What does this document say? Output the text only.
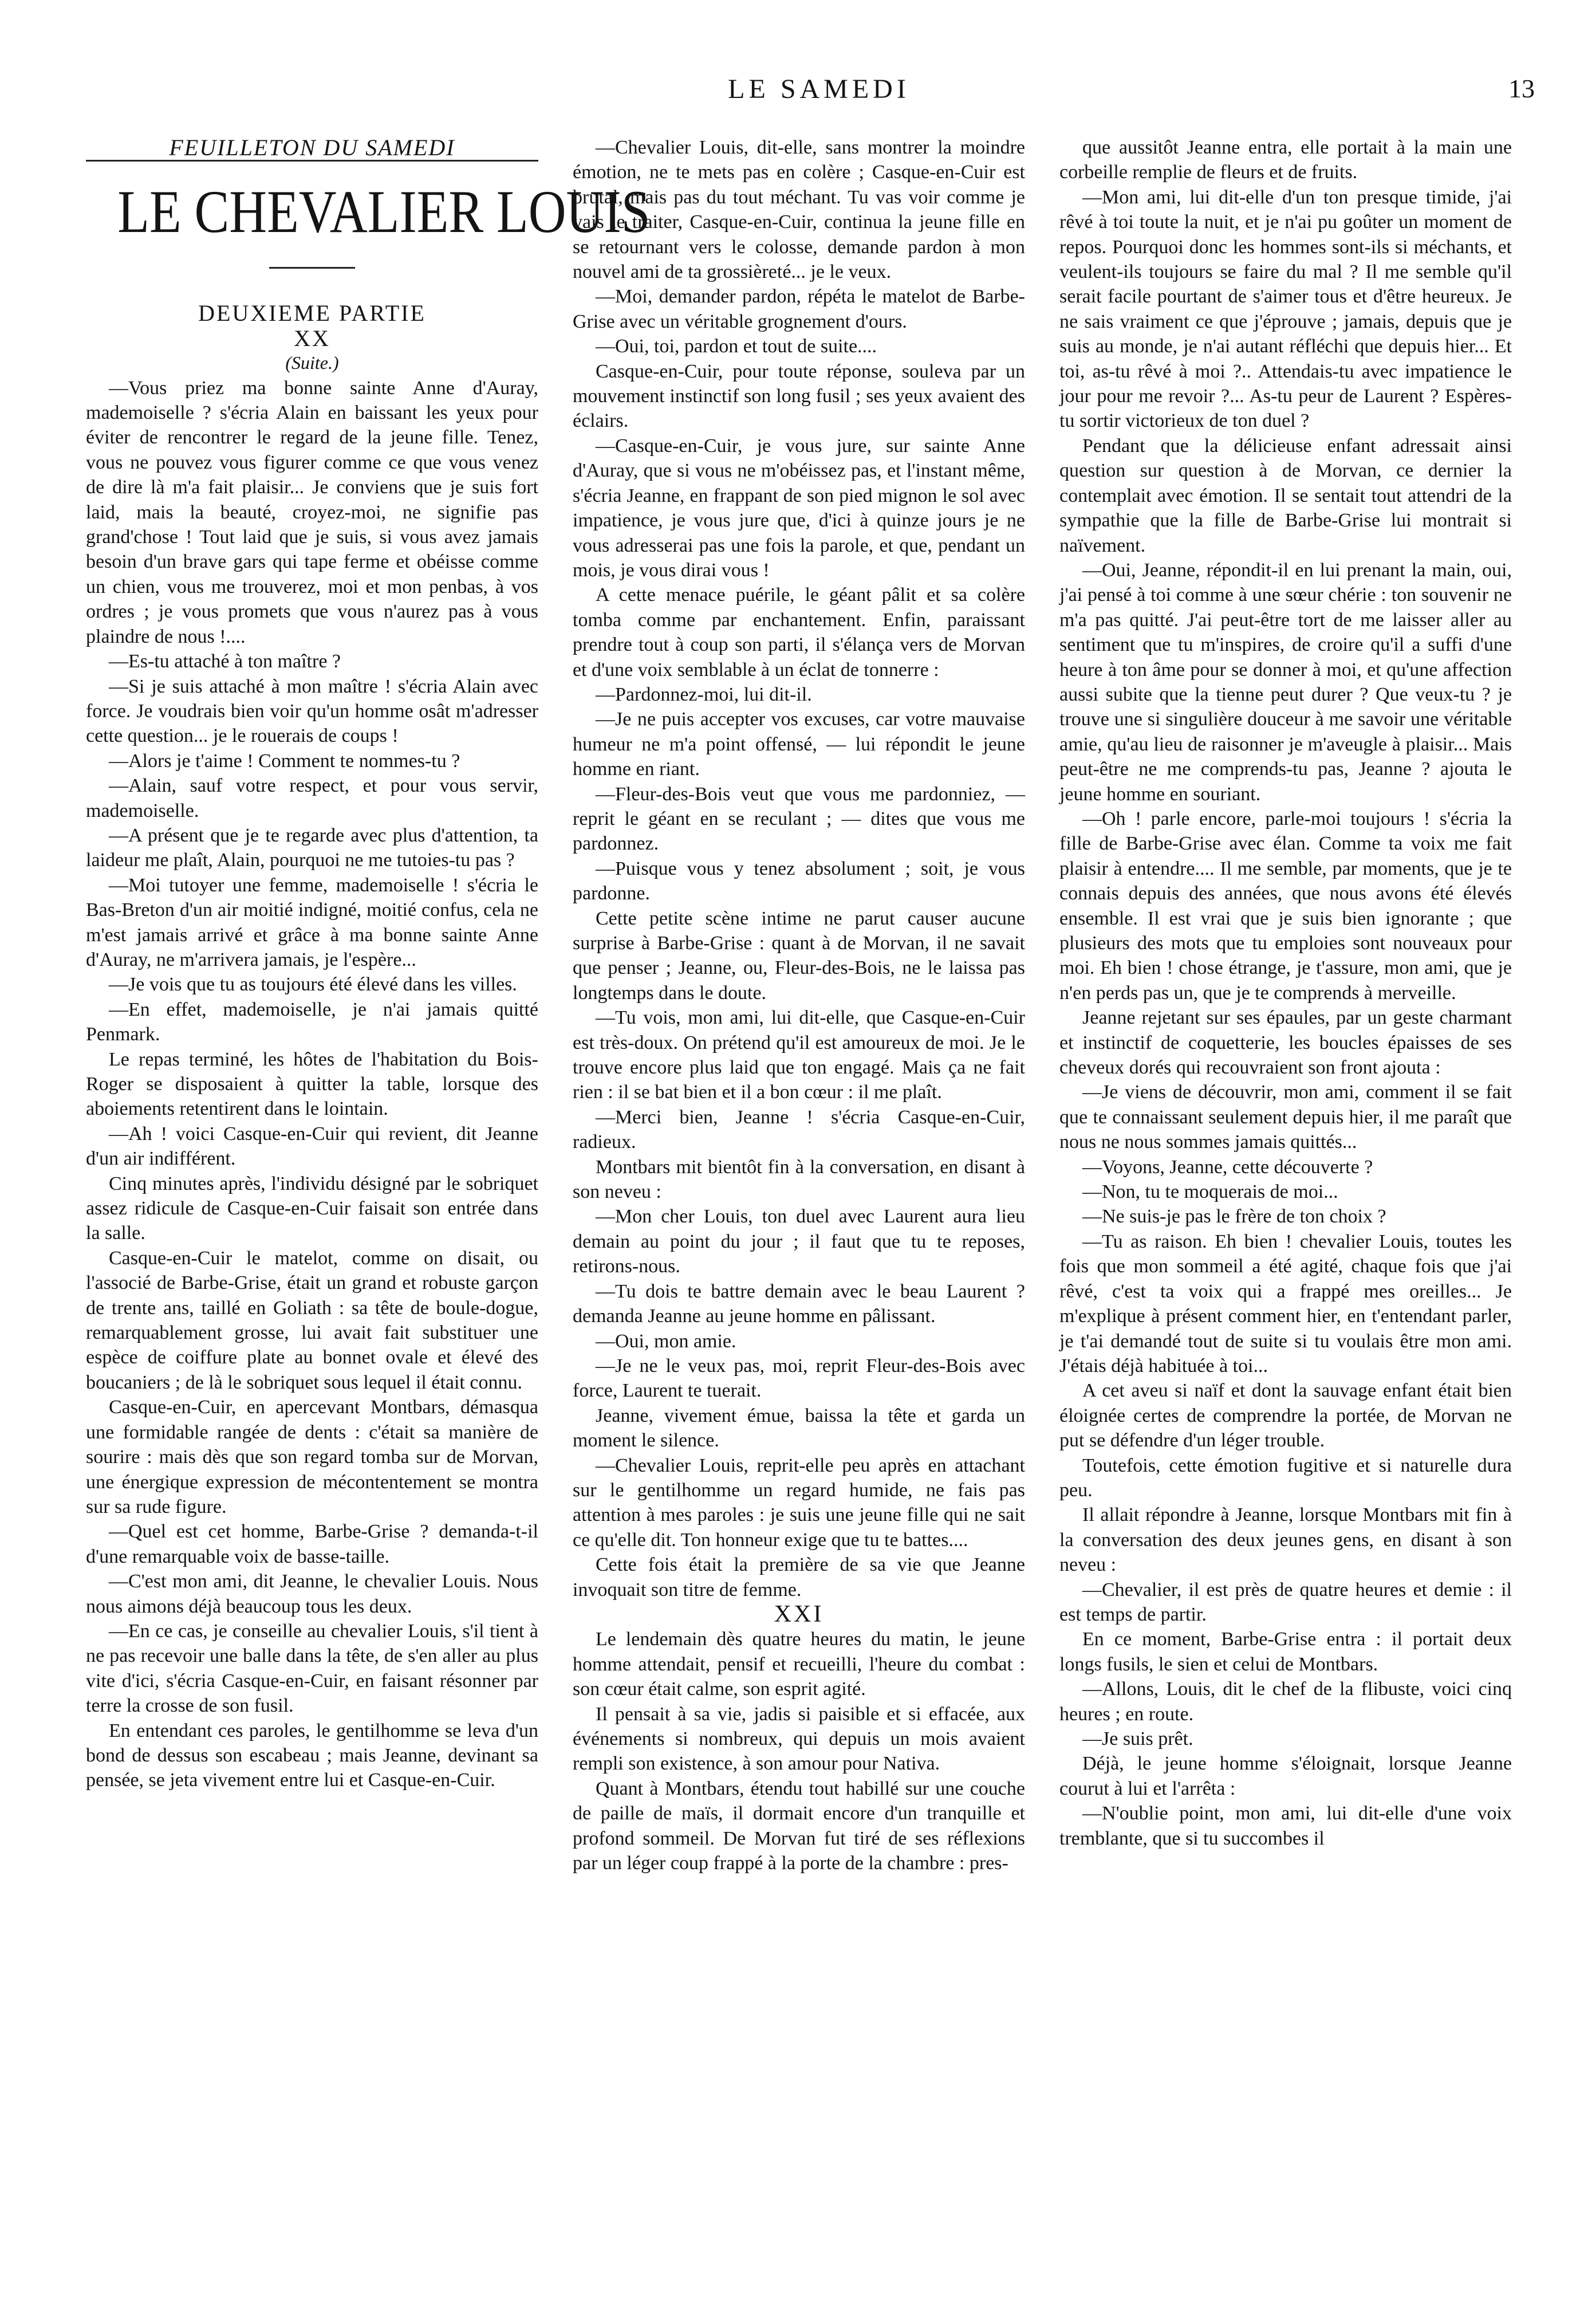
LE SAMEDI	13

FEUILLETON DU SAMEDI

LE CHEVALIER LOUIS

DEUXIEME PARTIE

XX

(Suite.)

—Vous priez ma bonne sainte Anne d'Auray, mademoiselle ? s'écria Alain en baissant les yeux pour éviter de rencontrer le regard de la jeune fille. Tenez, vous ne pouvez vous figurer comme ce que vous venez de dire là m'a fait plaisir... Je conviens que je suis fort laid, mais la beauté, croyez-moi, ne signifie pas grand'chose ! Tout laid que je suis, si vous avez jamais besoin d'un brave gars qui tape ferme et obéisse comme un chien, vous me trouverez, moi et mon penbas, à vos ordres ; je vous promets que vous n'aurez pas à vous plaindre de nous !....

—Es-tu attaché à ton maître ?

—Si je suis attaché à mon maître ! s'écria Alain avec force. Je voudrais bien voir qu'un homme osât m'adresser cette question... je le rouerais de coups !

—Alors je t'aime ! Comment te nommes-tu ?

—Alain, sauf votre respect, et pour vous servir, mademoiselle.

—A présent que je te regarde avec plus d'attention, ta laideur me plaît, Alain, pourquoi ne me tutoies-tu pas ?

—Moi tutoyer une femme, mademoiselle ! s'écria le Bas-Breton d'un air moitié indigné, moitié confus, cela ne m'est jamais arrivé et grâce à ma bonne sainte Anne d'Auray, ne m'arrivera jamais, je l'espère...

—Je vois que tu as toujours été élevé dans les villes.

—En effet, mademoiselle, je n'ai jamais quitté Penmark.

Le repas terminé, les hôtes de l'habitation du Bois-Roger se disposaient à quitter la table, lorsque des aboiements retentirent dans le lointain.

—Ah ! voici Casque-en-Cuir qui revient, dit Jeanne d'un air indifférent.

Cinq minutes après, l'individu désigné par le sobriquet assez ridicule de Casque-en-Cuir faisait son entrée dans la salle.

Casque-en-Cuir le matelot, comme on disait, ou l'associé de Barbe-Grise, était un grand et robuste garçon de trente ans, taillé en Goliath : sa tête de boule-dogue, remarquablement grosse, lui avait fait substituer une espèce de coiffure plate au bonnet ovale et élevé des boucaniers ; de là le sobriquet sous lequel il était connu.

Casque-en-Cuir, en apercevant Montbars, démasqua une formidable rangée de dents : c'était sa manière de sourire : mais dès que son regard tomba sur de Morvan, une énergique expression de mécontentement se montra sur sa rude figure.

—Quel est cet homme, Barbe-Grise ? demanda-t-il d'une remarquable voix de basse-taille.

—C'est mon ami, dit Jeanne, le chevalier Louis. Nous nous aimons déjà beaucoup tous les deux.

—En ce cas, je conseille au chevalier Louis, s'il tient à ne pas recevoir une balle dans la tête, de s'en aller au plus vite d'ici, s'écria Casque-en-Cuir, en faisant résonner par terre la crosse de son fusil.

En entendant ces paroles, le gentilhomme se leva d'un bond de dessus son escabeau ; mais Jeanne, devinant sa pensée, se jeta vivement entre lui et Casque-en-Cuir.

—Chevalier Louis, dit-elle, sans montrer la moindre émotion, ne te mets pas en colère ; Casque-en-Cuir est brutal, mais pas du tout méchant. Tu vas voir comme je vais le traiter, Casque-en-Cuir, continua la jeune fille en se retournant vers le colosse, demande pardon à mon nouvel ami de ta grossièreté... je le veux.

—Moi, demander pardon, répéta le matelot de Barbe-Grise avec un véritable grognement d'ours.

—Oui, toi, pardon et tout de suite....

Casque-en-Cuir, pour toute réponse, souleva par un mouvement instinctif son long fusil ; ses yeux avaient des éclairs.

—Casque-en-Cuir, je vous jure, sur sainte Anne d'Auray, que si vous ne m'obéissez pas, et l'instant même, s'écria Jeanne, en frappant de son pied mignon le sol avec impatience, je vous jure que, d'ici à quinze jours je ne vous adresserai pas une fois la parole, et que, pendant un mois, je vous dirai vous !

A cette menace puérile, le géant pâlit et sa colère tomba comme par enchantement. Enfin, paraissant prendre tout à coup son parti, il s'élança vers de Morvan et d'une voix semblable à un éclat de tonnerre :

—Pardonnez-moi, lui dit-il.

—Je ne puis accepter vos excuses, car votre mauvaise humeur ne m'a point offensé, — lui répondit le jeune homme en riant.

—Fleur-des-Bois veut que vous me pardonniez, — reprit le géant en se reculant ; — dites que vous me pardonnez.

—Puisque vous y tenez absolument ; soit, je vous pardonne.

Cette petite scène intime ne parut causer aucune surprise à Barbe-Grise : quant à de Morvan, il ne savait que penser ; Jeanne, ou, Fleur-des-Bois, ne le laissa pas longtemps dans le doute.

—Tu vois, mon ami, lui dit-elle, que Casque-en-Cuir est très-doux. On prétend qu'il est amoureux de moi. Je le trouve encore plus laid que ton engagé. Mais ça ne fait rien : il se bat bien et il a bon cœur : il me plaît.

—Merci bien, Jeanne ! s'écria Casque-en-Cuir, radieux.

Montbars mit bientôt fin à la conversation, en disant à son neveu :

—Mon cher Louis, ton duel avec Laurent aura lieu demain au point du jour ; il faut que tu te reposes, retirons-nous.

—Tu dois te battre demain avec le beau Laurent ? demanda Jeanne au jeune homme en pâlissant.

—Oui, mon amie.

—Je ne le veux pas, moi, reprit Fleur-des-Bois avec force, Laurent te tuerait.

Jeanne, vivement émue, baissa la tête et garda un moment le silence.

—Chevalier Louis, reprit-elle peu après en attachant sur le gentilhomme un regard humide, ne fais pas attention à mes paroles : je suis une jeune fille qui ne sait ce qu'elle dit. Ton honneur exige que tu te battes....

Cette fois était la première de sa vie que Jeanne invoquait son titre de femme.

XXI

Le lendemain dès quatre heures du matin, le jeune homme attendait, pensif et recueilli, l'heure du combat : son cœur était calme, son esprit agité.

Il pensait à sa vie, jadis si paisible et si effacée, aux événements si nombreux, qui depuis un mois avaient rempli son existence, à son amour pour Nativa.

Quant à Montbars, étendu tout habillé sur une couche de paille de maïs, il dormait encore d'un tranquille et profond sommeil. De Morvan fut tiré de ses réflexions par un léger coup frappé à la porte de la chambre : pres-

que aussitôt Jeanne entra, elle portait à la main une corbeille remplie de fleurs et de fruits.

—Mon ami, lui dit-elle d'un ton presque timide, j'ai rêvé à toi toute la nuit, et je n'ai pu goûter un moment de repos. Pourquoi donc les hommes sont-ils si méchants, et veulent-ils toujours se faire du mal ? Il me semble qu'il serait facile pourtant de s'aimer tous et d'être heureux. Je ne sais vraiment ce que j'éprouve ; jamais, depuis que je suis au monde, je n'ai autant réfléchi que depuis hier... Et toi, as-tu rêvé à moi ?.. Attendais-tu avec impatience le jour pour me revoir ?... As-tu peur de Laurent ? Espères-tu sortir victorieux de ton duel ?

Pendant que la délicieuse enfant adressait ainsi question sur question à de Morvan, ce dernier la contemplait avec émotion. Il se sentait tout attendri de la sympathie que la fille de Barbe-Grise lui montrait si naïvement.

—Oui, Jeanne, répondit-il en lui prenant la main, oui, j'ai pensé à toi comme à une sœur chérie : ton souvenir ne m'a pas quitté. J'ai peut-être tort de me laisser aller au sentiment que tu m'inspires, de croire qu'il a suffi d'une heure à ton âme pour se donner à moi, et qu'une affection aussi subite que la tienne peut durer ? Que veux-tu ? je trouve une si singulière douceur à me savoir une véritable amie, qu'au lieu de raisonner je m'aveugle à plaisir... Mais peut-être ne me comprends-tu pas, Jeanne ? ajouta le jeune homme en souriant.

—Oh ! parle encore, parle-moi toujours ! s'écria la fille de Barbe-Grise avec élan. Comme ta voix me fait plaisir à entendre.... Il me semble, par moments, que je te connais depuis des années, que nous avons été élevés ensemble. Il est vrai que je suis bien ignorante ; que plusieurs des mots que tu emploies sont nouveaux pour moi. Eh bien ! chose étrange, je t'assure, mon ami, que je n'en perds pas un, que je te comprends à merveille.

Jeanne rejetant sur ses épaules, par un geste charmant et instinctif de coquetterie, les boucles épaisses de ses cheveux dorés qui recouvraient son front ajouta :

—Je viens de découvrir, mon ami, comment il se fait que te connaissant seulement depuis hier, il me paraît que nous ne nous sommes jamais quittés...

—Voyons, Jeanne, cette découverte ?

—Non, tu te moquerais de moi...

—Ne suis-je pas le frère de ton choix ?

—Tu as raison. Eh bien ! chevalier Louis, toutes les fois que mon sommeil a été agité, chaque fois que j'ai rêvé, c'est ta voix qui a frappé mes oreilles... Je m'explique à présent comment hier, en t'entendant parler, je t'ai demandé tout de suite si tu voulais être mon ami. J'étais déjà habituée à toi...

A cet aveu si naïf et dont la sauvage enfant était bien éloignée certes de comprendre la portée, de Morvan ne put se défendre d'un léger trouble.

Toutefois, cette émotion fugitive et si naturelle dura peu.

Il allait répondre à Jeanne, lorsque Montbars mit fin à la conversation des deux jeunes gens, en disant à son neveu :

—Chevalier, il est près de quatre heures et demie : il est temps de partir.

En ce moment, Barbe-Grise entra : il portait deux longs fusils, le sien et celui de Montbars.

—Allons, Louis, dit le chef de la flibuste, voici cinq heures ; en route.

—Je suis prêt.

Déjà, le jeune homme s'éloignait, lorsque Jeanne courut à lui et l'arrêta :

—N'oublie point, mon ami, lui dit-elle d'une voix tremblante, que si tu succombes il
